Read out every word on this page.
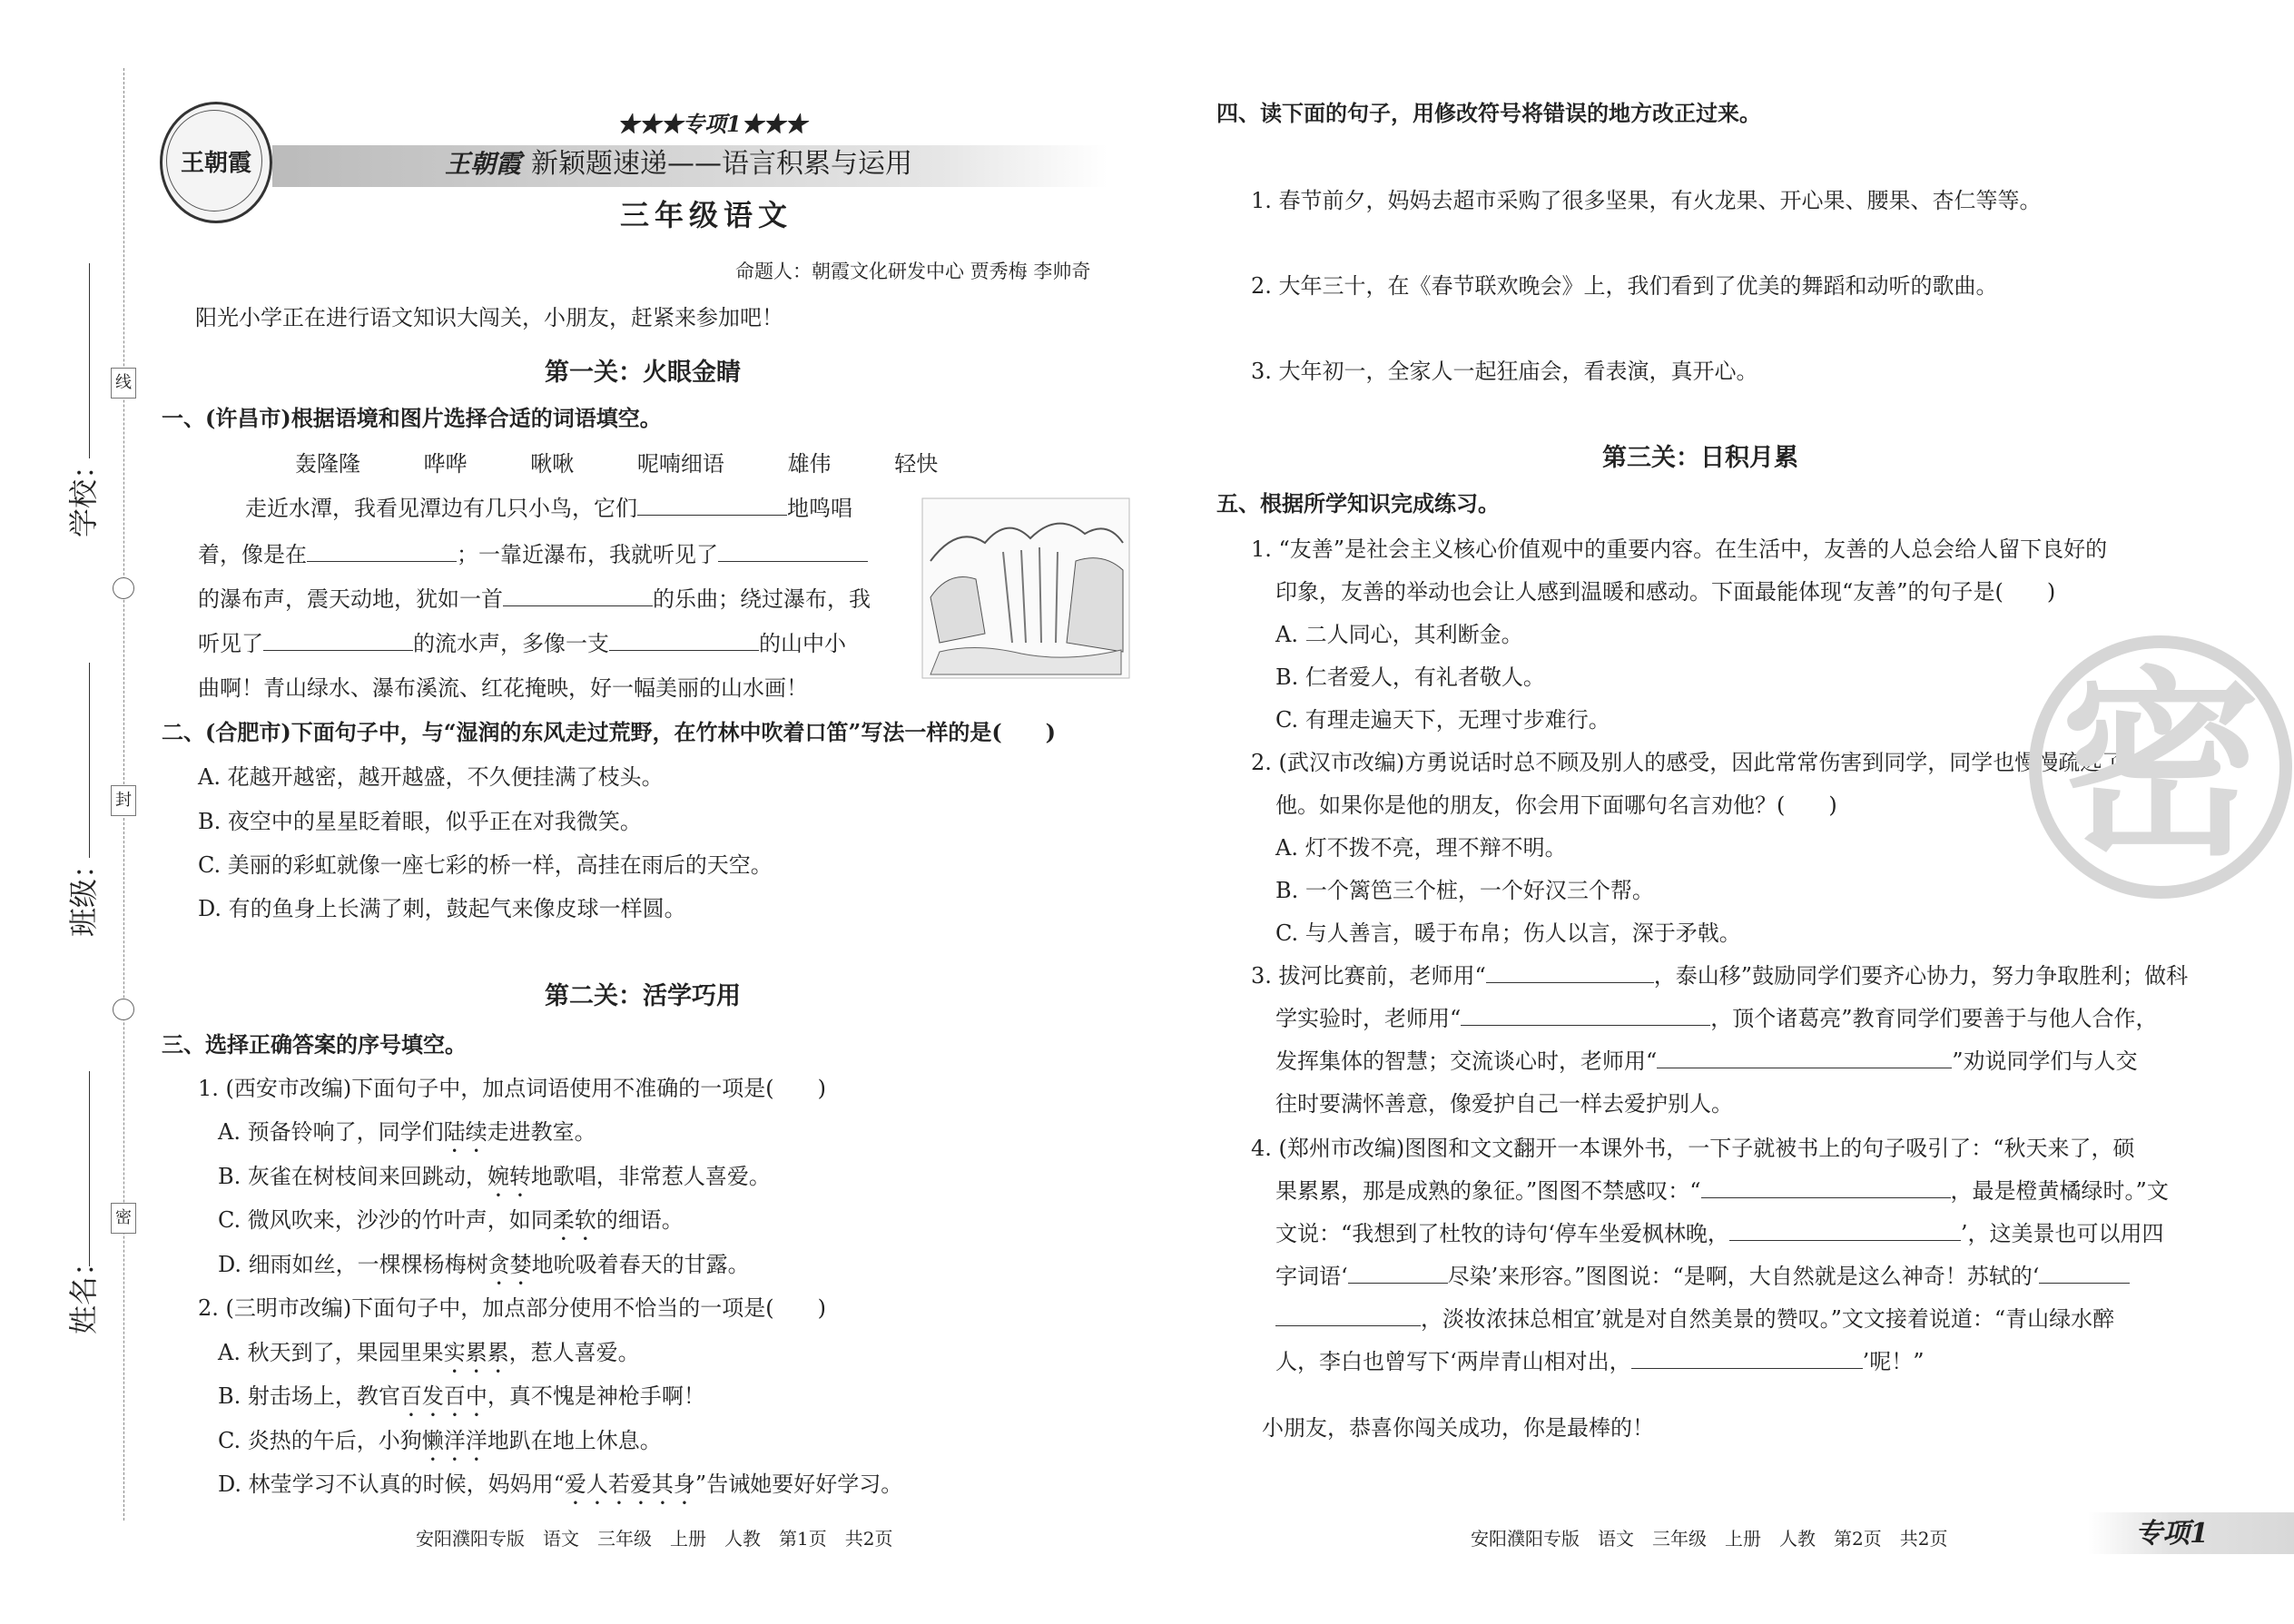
线
封
密
学校：
班级：
姓名：
王朝霞
★★★专项1★★★
王朝霞 新颖题速递——语言积累与运用
三年级语文
命题人：朝霞文化研发中心 贾秀梅 李帅奇
阳光小学正在进行语文知识大闯关，小朋友，赶紧来参加吧！
第一关：火眼金睛
一、(许昌市)根据语境和图片选择合适的词语填空。
轰隆隆	哗哗	啾啾	呢喃细语	雄伟	轻快
走近水潭，我看见潭边有几只小鸟，它们	地鸣唱
着，像是在	；一靠近瀑布，我就听见了
的瀑布声，震天动地，犹如一首	的乐曲；绕过瀑布，我
听见了	的流水声，多像一支	的山中小
曲啊！青山绿水、瀑布溪流、红花掩映，好一幅美丽的山水画！
二、(合肥市)下面句子中，与“湿润的东风走过荒野，在竹林中吹着口笛”写法一样的是(　　)
A. 花越开越密，越开越盛，不久便挂满了枝头。
B. 夜空中的星星眨着眼，似乎正在对我微笑。
C. 美丽的彩虹就像一座七彩的桥一样，高挂在雨后的天空。
D. 有的鱼身上长满了刺，鼓起气来像皮球一样圆。
第二关：活学巧用
三、选择正确答案的序号填空。
1. (西安市改编)下面句子中，加点词语使用不准确的一项是(　　)
A. 预备铃响了，同学们陆续走进教室。
B. 灰雀在树枝间来回跳动，婉转地歌唱，非常惹人喜爱。
C. 微风吹来，沙沙的竹叶声，如同柔软的细语。
D. 细雨如丝，一棵棵杨梅树贪婪地吮吸着春天的甘露。
2. (三明市改编)下面句子中，加点部分使用不恰当的一项是(　　)
A. 秋天到了，果园里果实累累，惹人喜爱。
B. 射击场上，教官百发百中，真不愧是神枪手啊！
C. 炎热的午后，小狗懒洋洋地趴在地上休息。
D. 林莹学习不认真的时候，妈妈用“爱人若爱其身”告诫她要好好学习。
四、读下面的句子，用修改符号将错误的地方改正过来。
1. 春节前夕，妈妈去超市采购了很多坚果，有火龙果、开心果、腰果、杏仁等等。
2. 大年三十，在《春节联欢晚会》上，我们看到了优美的舞蹈和动听的歌曲。
3. 大年初一，全家人一起狂庙会，看表演，真开心。
第三关：日积月累
五、根据所学知识完成练习。
1. “友善”是社会主义核心价值观中的重要内容。在生活中，友善的人总会给人留下良好的
印象，友善的举动也会让人感到温暖和感动。下面最能体现“友善”的句子是(　　)
A. 二人同心，其利断金。
B. 仁者爱人，有礼者敬人。
C. 有理走遍天下，无理寸步难行。
2. (武汉市改编)方勇说话时总不顾及别人的感受，因此常常伤害到同学，同学也慢慢疏远了
他。如果你是他的朋友，你会用下面哪句名言劝他？(　　)
A. 灯不拨不亮，理不辩不明。
B. 一个篱笆三个桩，一个好汉三个帮。
C. 与人善言，暖于布帛；伤人以言，深于矛戟。
3. 拔河比赛前，老师用“	，泰山移”鼓励同学们要齐心协力，努力争取胜利；做科
学实验时，老师用“	，顶个诸葛亮”教育同学们要善于与他人合作，
发挥集体的智慧；交流谈心时，老师用“	”劝说同学们与人交
往时要满怀善意，像爱护自己一样去爱护别人。
4. (郑州市改编)图图和文文翻开一本课外书，一下子就被书上的句子吸引了：“秋天来了，硕
果累累，那是成熟的象征。”图图不禁感叹：“	，最是橙黄橘绿时。”文
文说：“我想到了杜牧的诗句‘停车坐爱枫林晚，	’，这美景也可以用四
字词语‘	尽染’来形容。”图图说：“是啊，大自然就是这么神奇！苏轼的‘
，淡妆浓抹总相宜’就是对自然美景的赞叹。”文文接着说道：“青山绿水醉
人，李白也曾写下‘两岸青山相对出，	’呢！”
小朋友，恭喜你闯关成功，你是最棒的！
密
安阳濮阳专版　语文　三年级　上册　人教　第1页　共2页	安阳濮阳专版　语文　三年级　上册　人教　第2页　共2页	专项1
